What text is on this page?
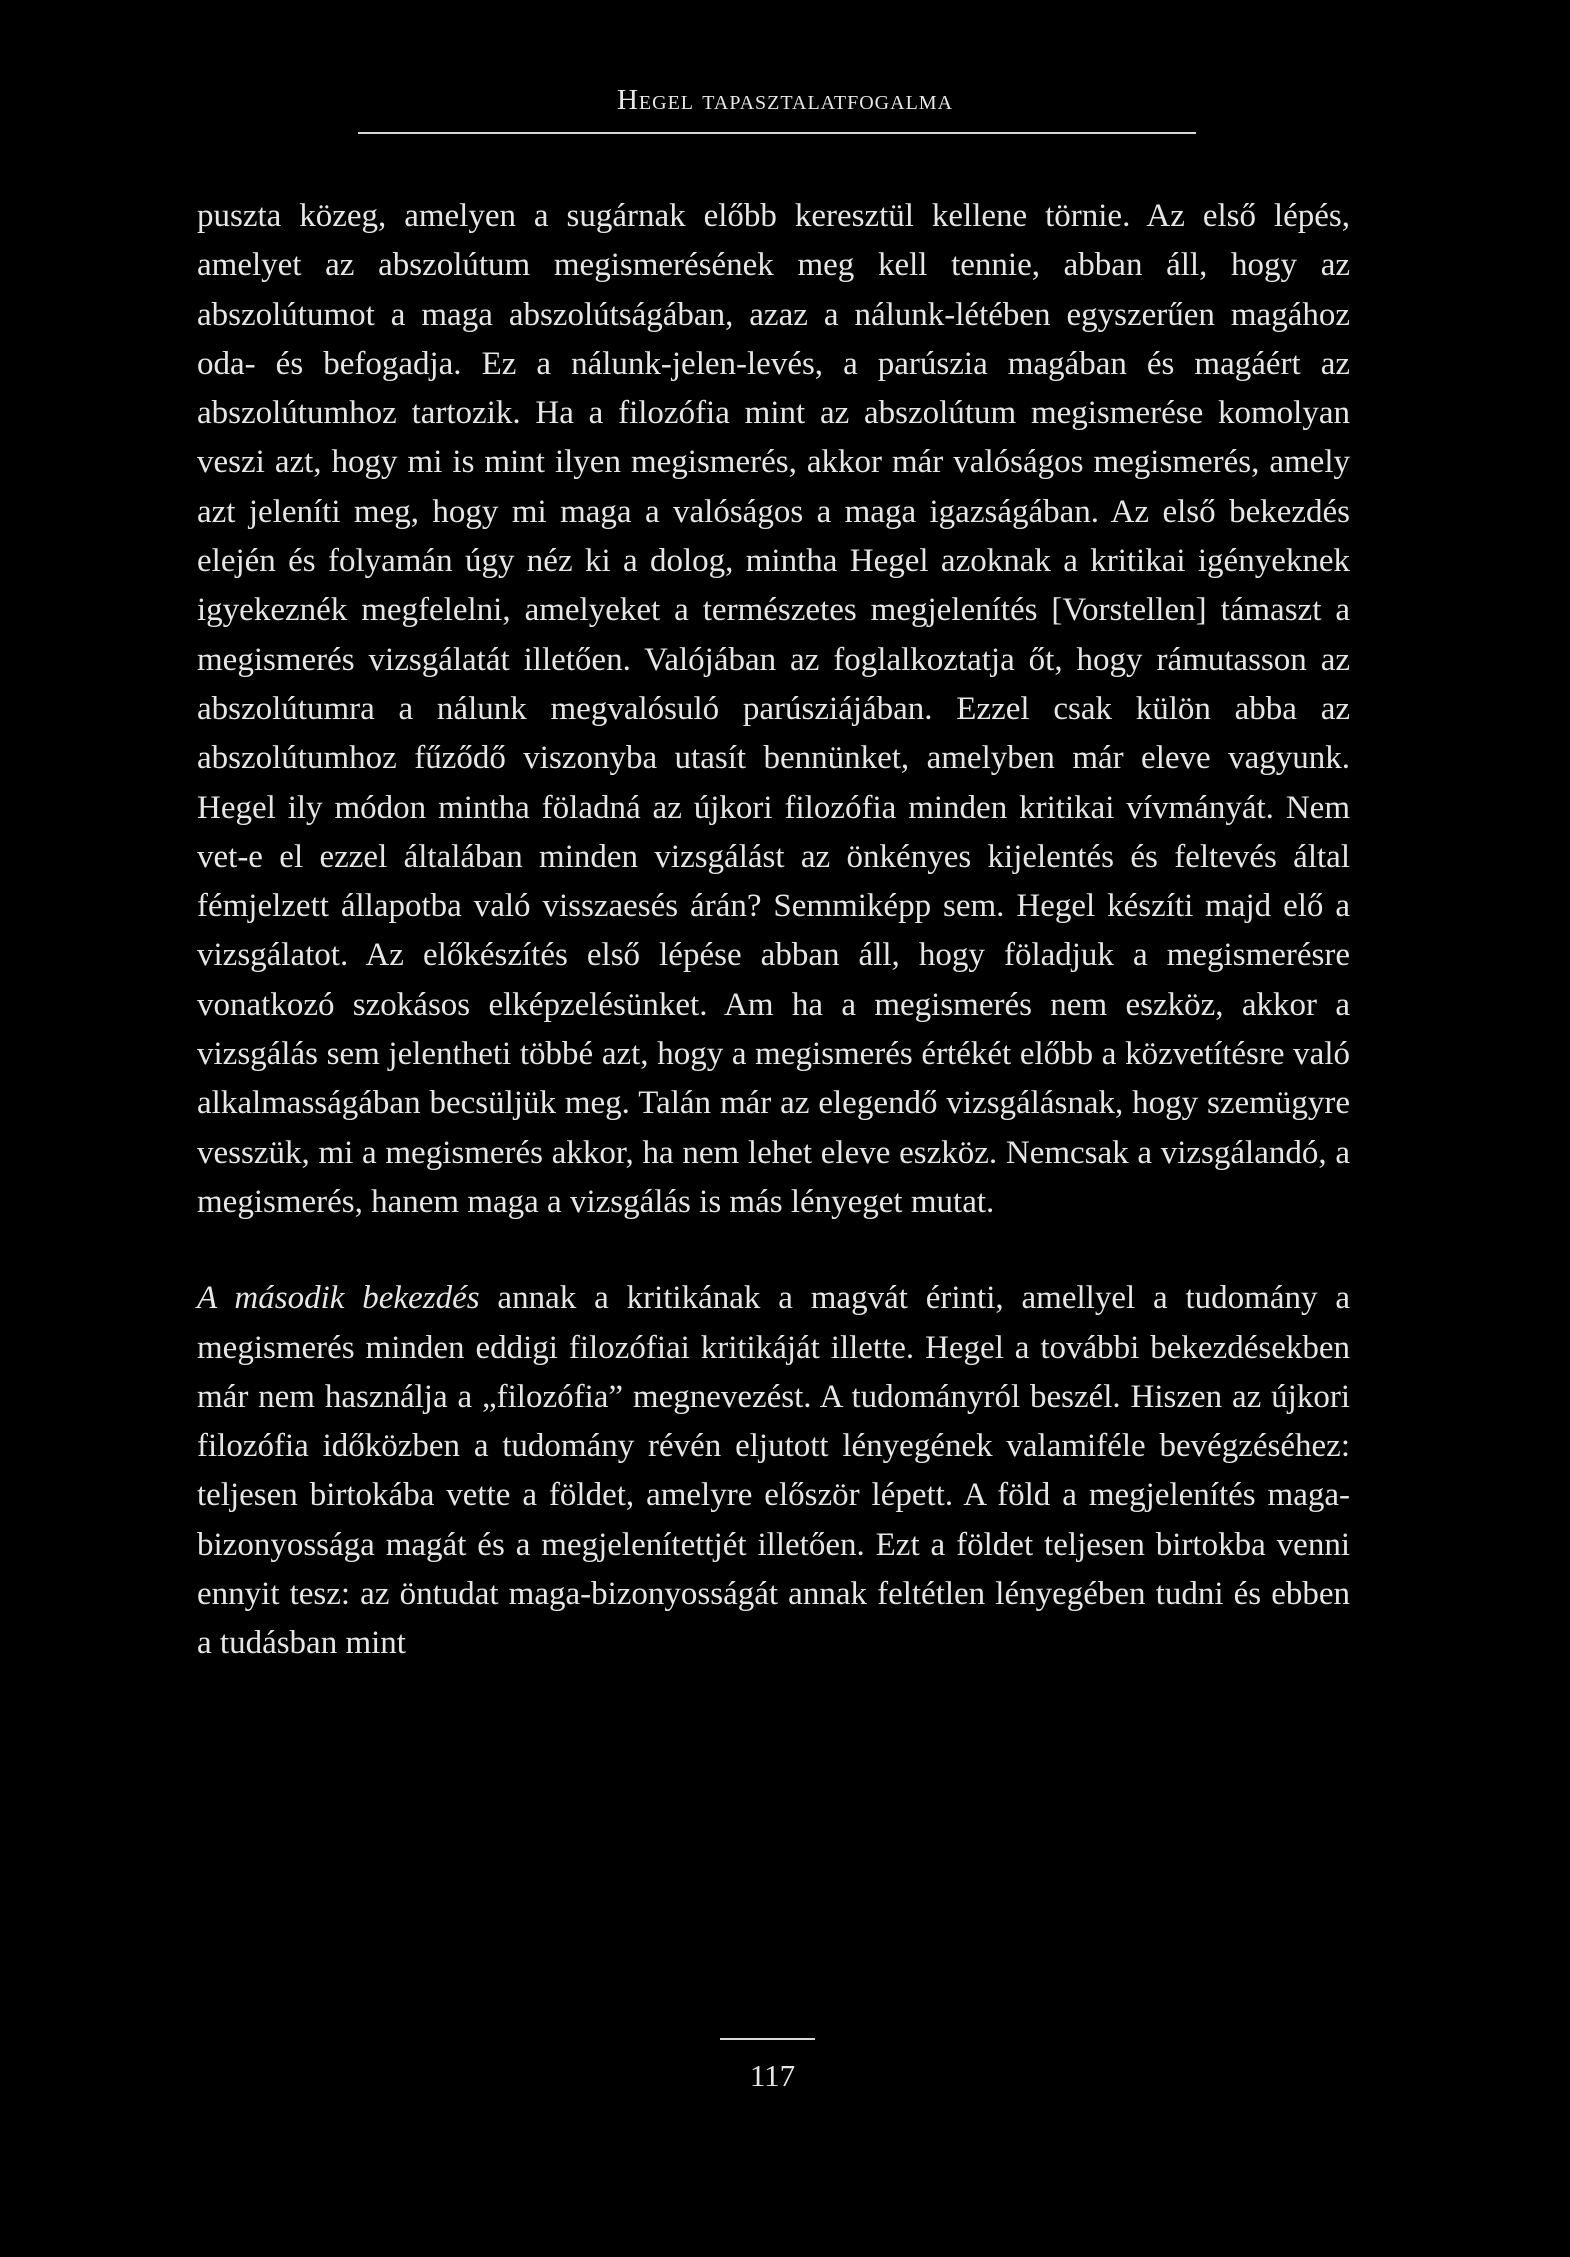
Hegel tapasztalatfogalma

puszta közeg, amelyen a sugárnak előbb keresztül kellene törnie. Az első lépés, amelyet az abszolútum megismerésének meg kell tennie, abban áll, hogy az abszolútumot a maga abszolútságában, azaz a nálunk-létében egyszerűen magához oda- és befogadja. Ez a nálunk-jelen-levés, a parúszia magában és magáért az abszolútumhoz tartozik. Ha a filozófia mint az abszolútum megismerése komolyan veszi azt, hogy mi is mint ilyen megismerés, akkor már valóságos megismerés, amely azt jeleníti meg, hogy mi maga a valóságos a maga igazságában. Az első bekezdés elején és folyamán úgy néz ki a dolog, mintha Hegel azoknak a kritikai igényeknek igyekeznék megfelelni, amelyeket a természetes megjelenítés [Vorstellen] támaszt a megismerés vizsgálatát illetően. Valójában az foglalkoztatja őt, hogy rámutasson az abszolútumra a nálunk megvalósuló parúsziájában. Ezzel csak külön abba az abszolútumhoz fűződő viszonyba utasít bennünket, amelyben már eleve vagyunk. Hegel ily módon mintha föladná az újkori filozófia minden kritikai vívmányát. Nem vet-e el ezzel általában minden vizsgálást az önkényes kijelentés és feltevés által fémjelzett állapotba való visszaesés árán? Semmiképp sem. Hegel készíti majd elő a vizsgálatot. Az előkészítés első lépése abban áll, hogy föladjuk a megismerésre vonatkozó szokásos elképzelésünket. Am ha a megismerés nem eszköz, akkor a vizsgálás sem jelentheti többé azt, hogy a megismerés értékét előbb a közvetítésre való alkalmasságában becsüljük meg. Talán már az elegendő vizsgálásnak, hogy szemügyre vesszük, mi a megismerés akkor, ha nem lehet eleve eszköz. Nemcsak a vizsgálandó, a megismerés, hanem maga a vizsgálás is más lényeget mutat.

A második bekezdés annak a kritikának a magvát érinti, amellyel a tudomány a megismerés minden eddigi filozófiai kritikáját illette. Hegel a további bekezdésekben már nem használja a „filozófia” megnevezést. A tudományról beszél. Hiszen az újkori filozófia időközben a tudomány révén eljutott lényegének valamiféle bevégzéséhez: teljesen birtokába vette a földet, amelyre először lépett. A föld a megjelenítés maga-bizonyossága magát és a megjelenítettjét illetően. Ezt a földet teljesen birtokba venni ennyit tesz: az öntudat maga-bizonyosságát annak feltétlen lényegében tudni és ebben a tudásban mint

117
